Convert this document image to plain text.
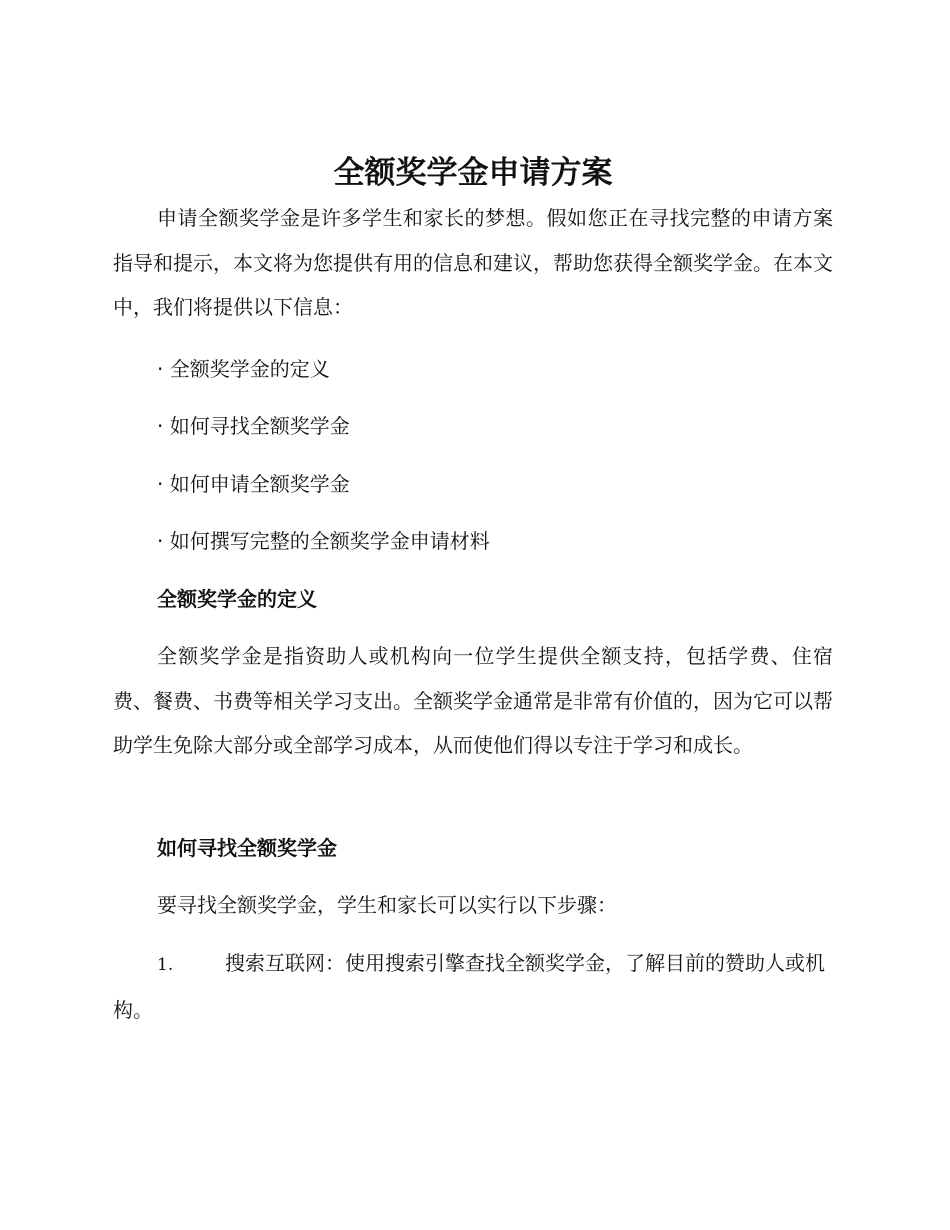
全额奖学金申请方案

申请全额奖学金是许多学生和家长的梦想。假如您正在寻找完整的申请方案指导和提示，本文将为您提供有用的信息和建议，帮助您获得全额奖学金。在本文中，我们将提供以下信息：

· 全额奖学金的定义

· 如何寻找全额奖学金

· 如何申请全额奖学金

· 如何撰写完整的全额奖学金申请材料

全额奖学金的定义

全额奖学金是指资助人或机构向一位学生提供全额支持，包括学费、住宿费、餐费、书费等相关学习支出。全额奖学金通常是非常有价值的，因为它可以帮助学生免除大部分或全部学习成本，从而使他们得以专注于学习和成长。

如何寻找全额奖学金

要寻找全额奖学金，学生和家长可以实行以下步骤：

1.	搜索互联网：使用搜索引擎查找全额奖学金，了解目前的赞助人或机构。
